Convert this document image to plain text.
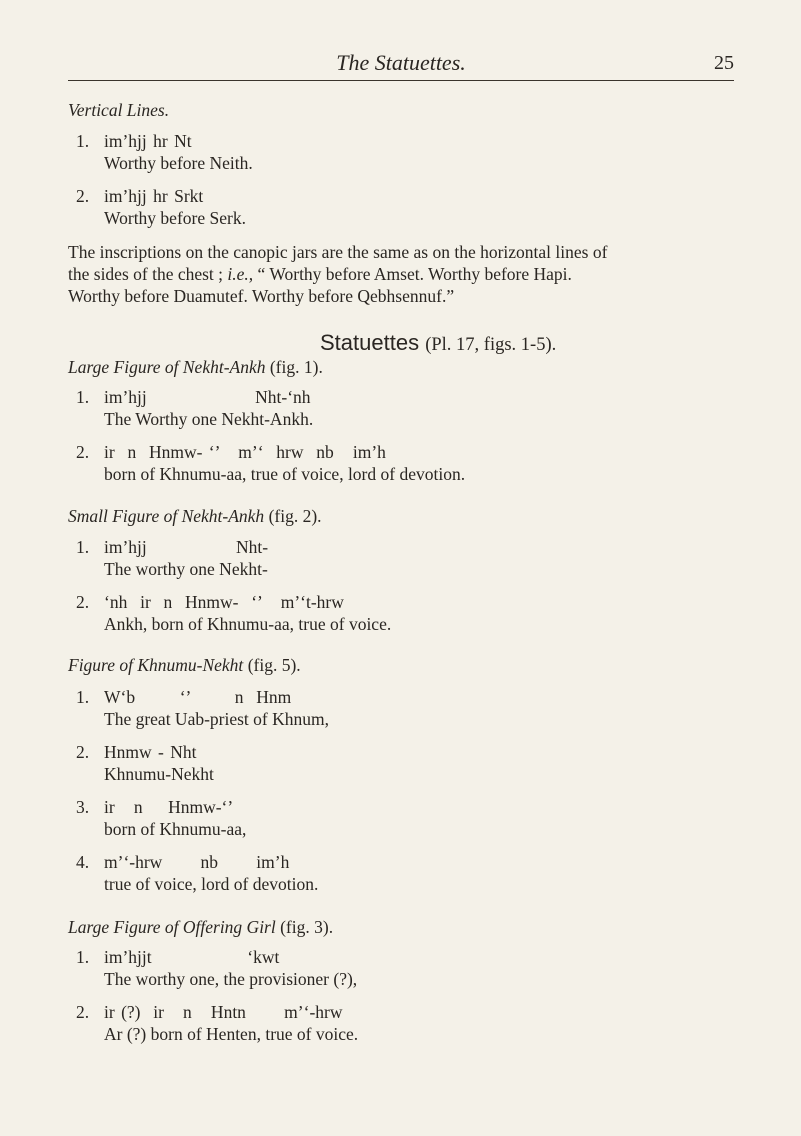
The Statuettes.	25
Vertical Lines.
1. im’hjj hr Nt
Worthy before Neith.
2. im’hjj hr Srkt
Worthy before Serk.
The inscriptions on the canopic jars are the same as on the horizontal lines of
the sides of the chest ; i.e., “ Worthy before Amset. Worthy before Hapi.
Worthy before Duamutef. Worthy before Qebhsennuf.”
Statuettes (Pl. 17, figs. 1-5).
Large Figure of Nekht-Ankh (fig. 1).
1. im’hjj                 Nht-‘nh
The Worthy one Nekht-Ankh.
2. ir  n  Hnmw- ‘’   m’‘  hrw  nb   im’h
born of Khnumu-aa, true of voice, lord of devotion.
Small Figure of Nekht-Ankh (fig. 2).
1. im’hjj              Nht-
The worthy one Nekht-
2. ‘nh  ir  n  Hnmw-  ‘’   m’‘t-hrw
Ankh, born of Khnumu-aa, true of voice.
Figure of Khnumu-Nekht (fig. 5).
1. W‘b       ‘’       n  Hnm
The great Uab-priest of Khnum,
2. Hnmw - Nht
Khnumu-Nekht
3. ir   n    Hnmw-‘’
born of Khnumu-aa,
4. m’‘-hrw      nb      im’h
true of voice, lord of devotion.
Large Figure of Offering Girl (fig. 3).
1. im’hjjt               ‘kwt
The worthy one, the provisioner (?),
2. ir (?)  ir   n   Hntn      m’‘-hrw
Ar (?) born of Henten, true of voice.
